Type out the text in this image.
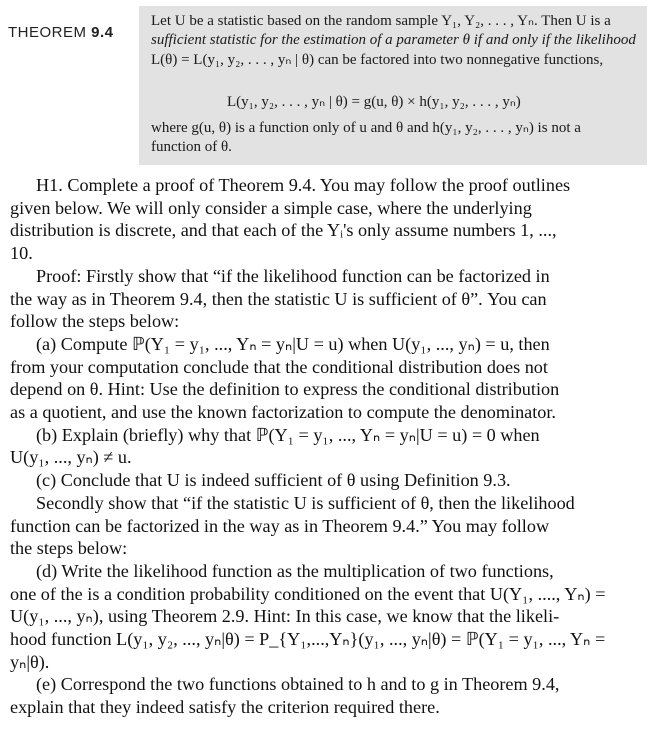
THEOREM 9.4
Let U be a statistic based on the random sample Y₁, Y₂, . . . , Yₙ. Then U is a
sufficient statistic for the estimation of a parameter θ if and only if the likelihood
L(θ) = L(y₁, y₂, . . . , yₙ | θ) can be factored into two nonnegative functions,
L(y₁, y₂, . . . , yₙ | θ) = g(u, θ) × h(y₁, y₂, . . . , yₙ)
where g(u, θ) is a function only of u and θ and h(y₁, y₂, . . . , yₙ) is not a
function of θ.
H1. Complete a proof of Theorem 9.4. You may follow the proof outlines
given below. We will only consider a simple case, where the underlying
distribution is discrete, and that each of the Yᵢ's only assume numbers 1, ...,
10.
Proof: Firstly show that “if the likelihood function can be factorized in
the way as in Theorem 9.4, then the statistic U is sufficient of θ”. You can
follow the steps below:
(a) Compute ℙ(Y₁ = y₁, ..., Yₙ = yₙ|U = u) when U(y₁, ..., yₙ) = u, then
from your computation conclude that the conditional distribution does not
depend on θ. Hint: Use the definition to express the conditional distribution
as a quotient, and use the known factorization to compute the denominator.
(b) Explain (briefly) why that ℙ(Y₁ = y₁, ..., Yₙ = yₙ|U = u) = 0 when
U(y₁, ..., yₙ) ≠ u.
(c) Conclude that U is indeed sufficient of θ using Definition 9.3.
Secondly show that “if the statistic U is sufficient of θ, then the likelihood
function can be factorized in the way as in Theorem 9.4.” You may follow
the steps below:
(d) Write the likelihood function as the multiplication of two functions,
one of the is a condition probability conditioned on the event that U(Y₁, ...., Yₙ) =
U(y₁, ..., yₙ), using Theorem 2.9. Hint: In this case, we know that the likeli-
hood function L(y₁, y₂, ..., yₙ|θ) = P_{Y₁,...,Yₙ}(y₁, ..., yₙ|θ) = ℙ(Y₁ = y₁, ..., Yₙ =
yₙ|θ).
(e) Correspond the two functions obtained to h and to g in Theorem 9.4,
explain that they indeed satisfy the criterion required there.
